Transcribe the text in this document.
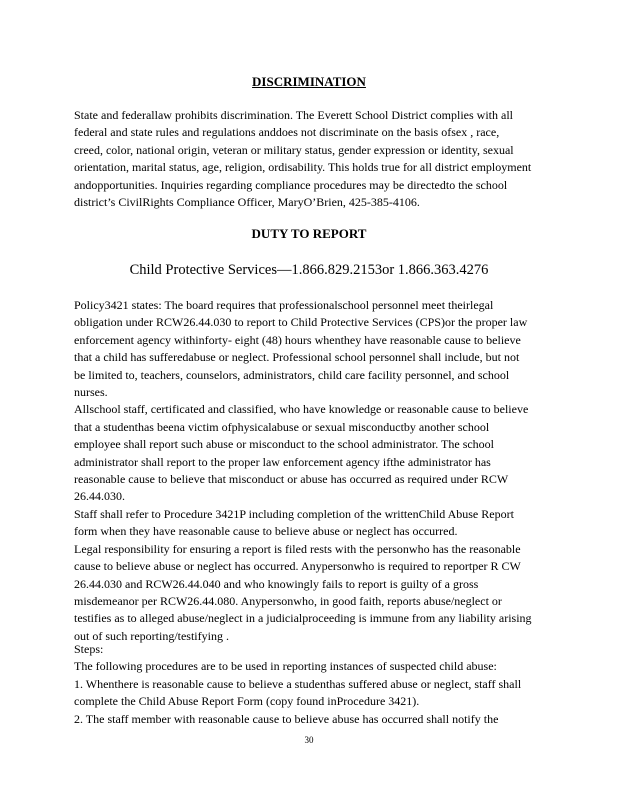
DISCRIMINATION

State and federallaw prohibits discrimination. The Everett School District complies with all

federal and state rules and regulations anddoes not discriminate on the basis ofsex , race,

creed, color, national origin, veteran or military status, gender expression or identity, sexual

orientation, marital status, age, religion, ordisability. This holds true for all district employment

andopportunities. Inquiries regarding compliance procedures may be directedto the school

district’s CivilRights Compliance Officer, MaryO’Brien, 425-385-4106.

DUTY TO REPORT
Child Protective Services—1.866.829.2153or 1.866.363.4276

Policy3421 states: The board requires that professionalschool personnel meet theirlegal

obligation under RCW26.44.030 to report to Child Protective Services (CPS)or the proper law

enforcement agency withinforty- eight (48) hours whenthey have reasonable cause to believe

that a child has sufferedabuse or neglect. Professional school personnel shall include, but not

be limited to, teachers, counselors, administrators, child care facility personnel, and school

nurses.

Allschool staff, certificated and classified, who have knowledge or reasonable cause to believe

that a studenthas beena victim ofphysicalabuse or sexual misconductby another school

employee shall report such abuse or misconduct to the school administrator. The school

administrator shall report to the proper law enforcement agency ifthe administrator has

reasonable cause to believe that misconduct or abuse has occurred as required under RCW

26.44.030.

Staff shall refer to Procedure 3421P including completion of the writtenChild Abuse Report

form when they have reasonable cause to believe abuse or neglect has occurred.

Legal responsibility for ensuring a report is filed rests with the personwho has the reasonable

cause to believe abuse or neglect has occurred. Anypersonwho is required to reportper R CW

26.44.030 and RCW26.44.040 and who knowingly fails to report is guilty of a gross

misdemeanor per RCW26.44.080. Anypersonwho, in good faith, reports abuse/neglect or

testifies as to alleged abuse/neglect in a judicialproceeding is immune from any liability arising

out of such reporting/testifying .

Steps:

The following procedures are to be used in reporting instances of suspected child abuse:

1. Whenthere is reasonable cause to believe a studenthas suffered abuse or neglect, staff shall

complete the Child Abuse Report Form (copy found inProcedure 3421).

2. The staff member with reasonable cause to believe abuse has occurred shall notify the

30
